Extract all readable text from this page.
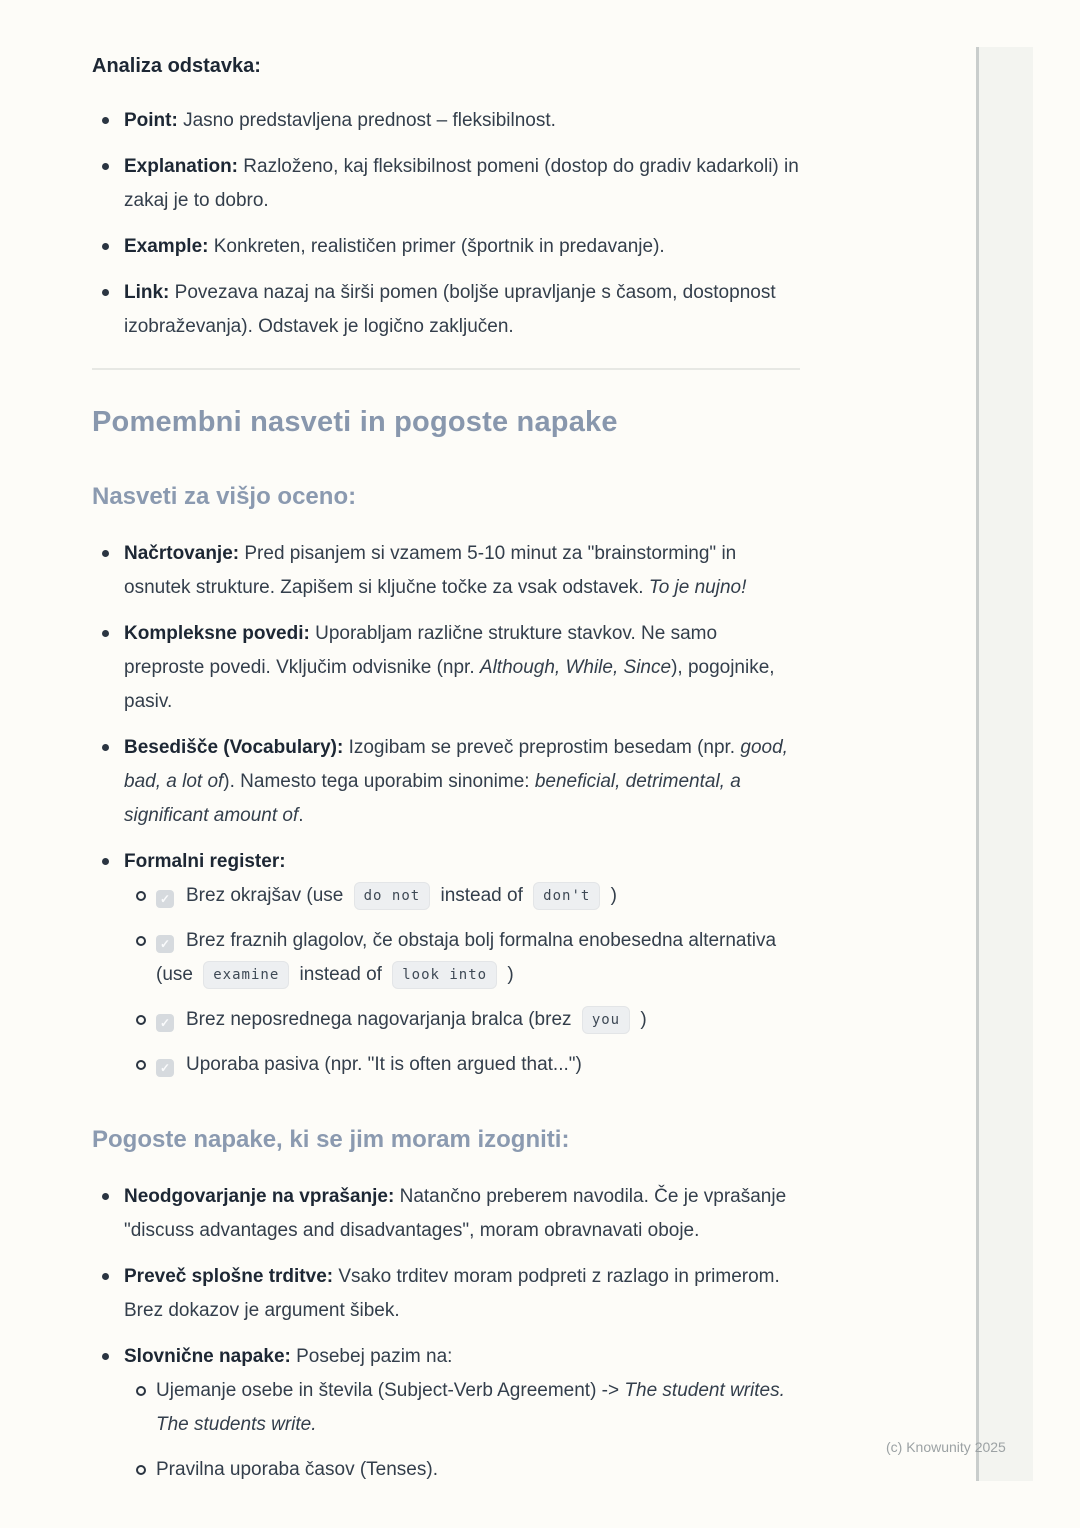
Analiza odstavka:
Point: Jasno predstavljena prednost – fleksibilnost.
Explanation: Razloženo, kaj fleksibilnost pomeni (dostop do gradiv kadarkoli) in zakaj je to dobro.
Example: Konkreten, realističen primer (športnik in predavanje).
Link: Povezava nazaj na širši pomen (boljše upravljanje s časom, dostopnost izobraževanja). Odstavek je logično zaključen.
Pomembni nasveti in pogoste napake
Nasveti za višjo oceno:
Načrtovanje: Pred pisanjem si vzamem 5-10 minut za "brainstorming" in osnutek strukture. Zapišem si ključne točke za vsak odstavek. To je nujno!
Kompleksne povedi: Uporabljam različne strukture stavkov. Ne samo preproste povedi. Vključim odvisnike (npr. Although, While, Since), pogojnike, pasiv.
Besedišče (Vocabulary): Izogibam se preveč preprostim besedam (npr. good, bad, a lot of). Namesto tega uporabim sinonime: beneficial, detrimental, a significant amount of.
Formalni register:
✓ Brez okrajšav (use do not instead of don't )
✓ Brez fraznih glagolov, če obstaja bolj formalna enobesedna alternativa (use examine instead of look into )
✓ Brez neposrednega nagovarjanja bralca (brez you )
✓ Uporaba pasiva (npr. "It is often argued that...")
Pogoste napake, ki se jim moram izogniti:
Neodgovarjanje na vprašanje: Natančno preberem navodila. Če je vprašanje "discuss advantages and disadvantages", moram obravnavati oboje.
Preveč splošne trditve: Vsako trditev moram podpreti z razlago in primerom. Brez dokazov je argument šibek.
Slovnične napake: Posebej pazim na:
Ujemanje osebe in števila (Subject-Verb Agreement) -> The student writes. The students write.
Pravilna uporaba časov (Tenses).
(c) Knowunity 2025
